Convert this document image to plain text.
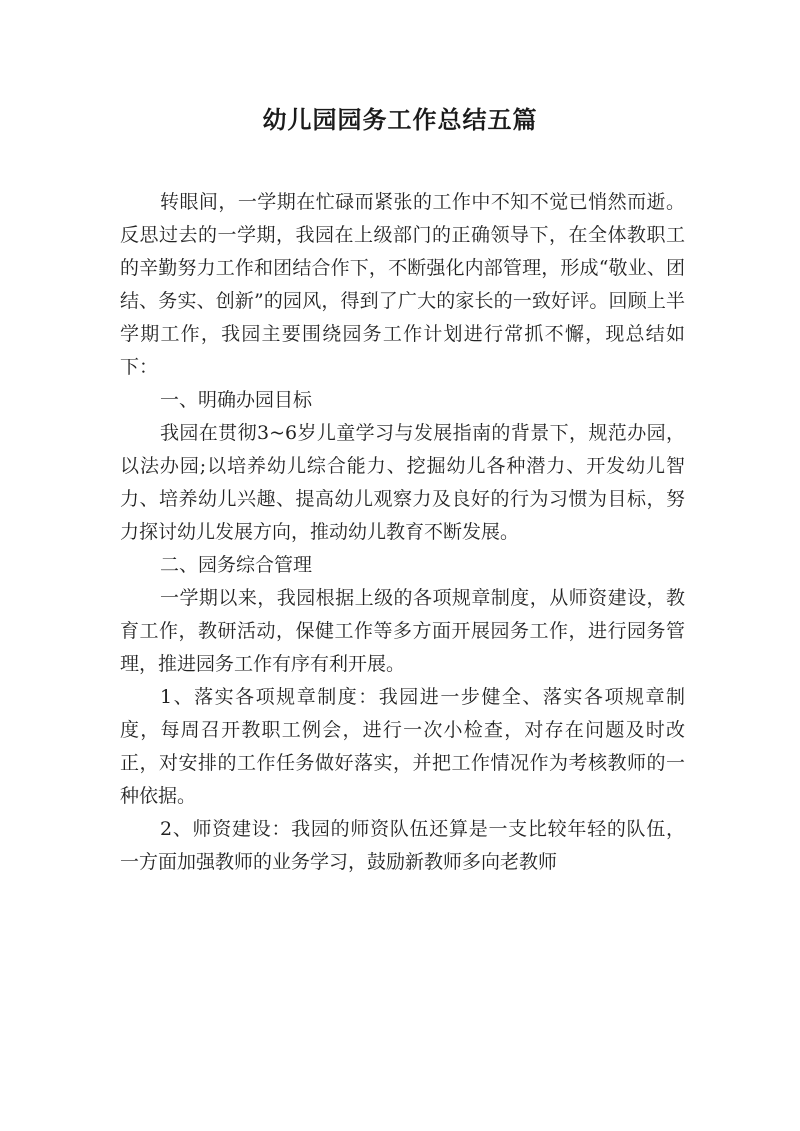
幼儿园园务工作总结五篇

转眼间，一学期在忙碌而紧张的工作中不知不觉已悄然而逝。反思过去的一学期，我园在上级部门的正确领导下，在全体教职工的辛勤努力工作和团结合作下，不断强化内部管理，形成“敬业、团结、务实、创新”的园风，得到了广大的家长的一致好评。回顾上半学期工作，我园主要围绕园务工作计划进行常抓不懈，现总结如下：

一、明确办园目标

我园在贯彻3~6岁儿童学习与发展指南的背景下，规范办园，以法办园;以培养幼儿综合能力、挖掘幼儿各种潜力、开发幼儿智力、培养幼儿兴趣、提高幼儿观察力及良好的行为习惯为目标，努力探讨幼儿发展方向，推动幼儿教育不断发展。

二、园务综合管理

一学期以来，我园根据上级的各项规章制度，从师资建设，教育工作，教研活动，保健工作等多方面开展园务工作，进行园务管理，推进园务工作有序有利开展。

1、落实各项规章制度：我园进一步健全、落实各项规章制度，每周召开教职工例会，进行一次小检查，对存在问题及时改正，对安排的工作任务做好落实，并把工作情况作为考核教师的一种依据。

2、师资建设：我园的师资队伍还算是一支比较年轻的队伍，一方面加强教师的业务学习，鼓励新教师多向老教师
